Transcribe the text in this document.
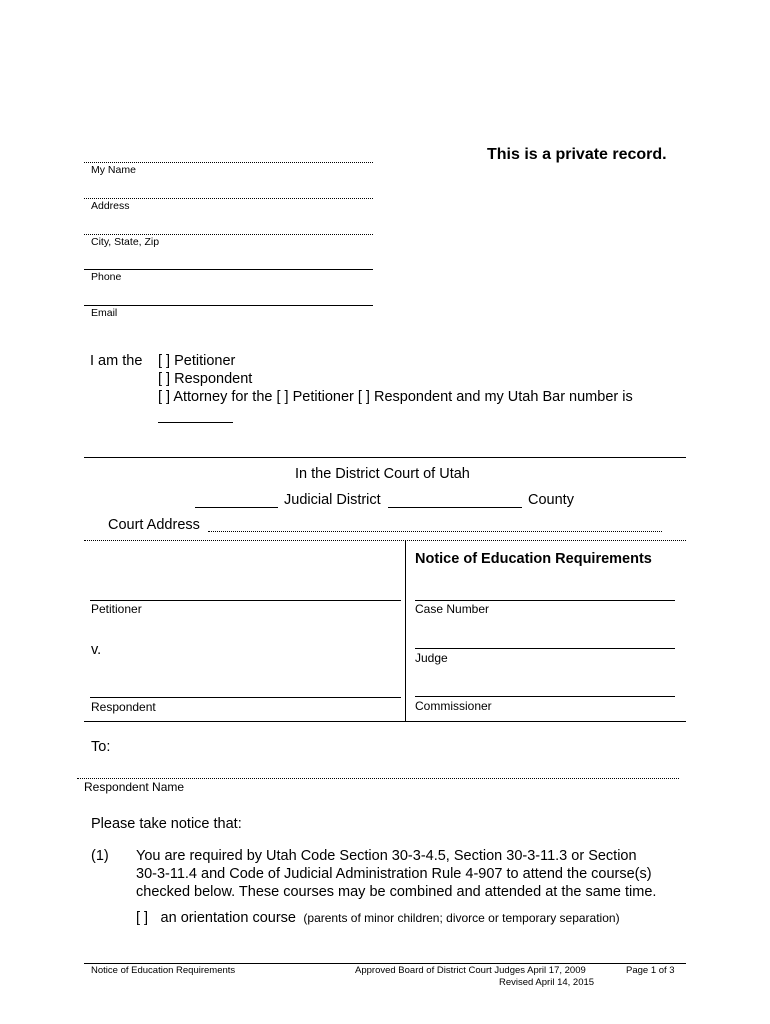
This is a private record.
My Name
Address
City, State, Zip
Phone
Email
I am the [ ] Petitioner
[ ] Respondent
[ ] Attorney for the [ ] Petitioner [ ] Respondent and my Utah Bar number is
In the District Court of Utah
Judicial District	County
Court Address
Notice of Education Requirements
Petitioner
v.
Respondent
Case Number
Judge
Commissioner
To:
Respondent Name
Please take notice that:
(1) You are required by Utah Code Section 30-3-4.5, Section 30-3-11.3 or Section
30-3-11.4 and Code of Judicial Administration Rule 4-907 to attend the course(s)
checked below. These courses may be combined and attended at the same time.
[ ] an orientation course (parents of minor children; divorce or temporary separation)
Notice of Education Requirements	Approved Board of District Court Judges April 17, 2009
Revised April 14, 2015
Page 1 of 3
